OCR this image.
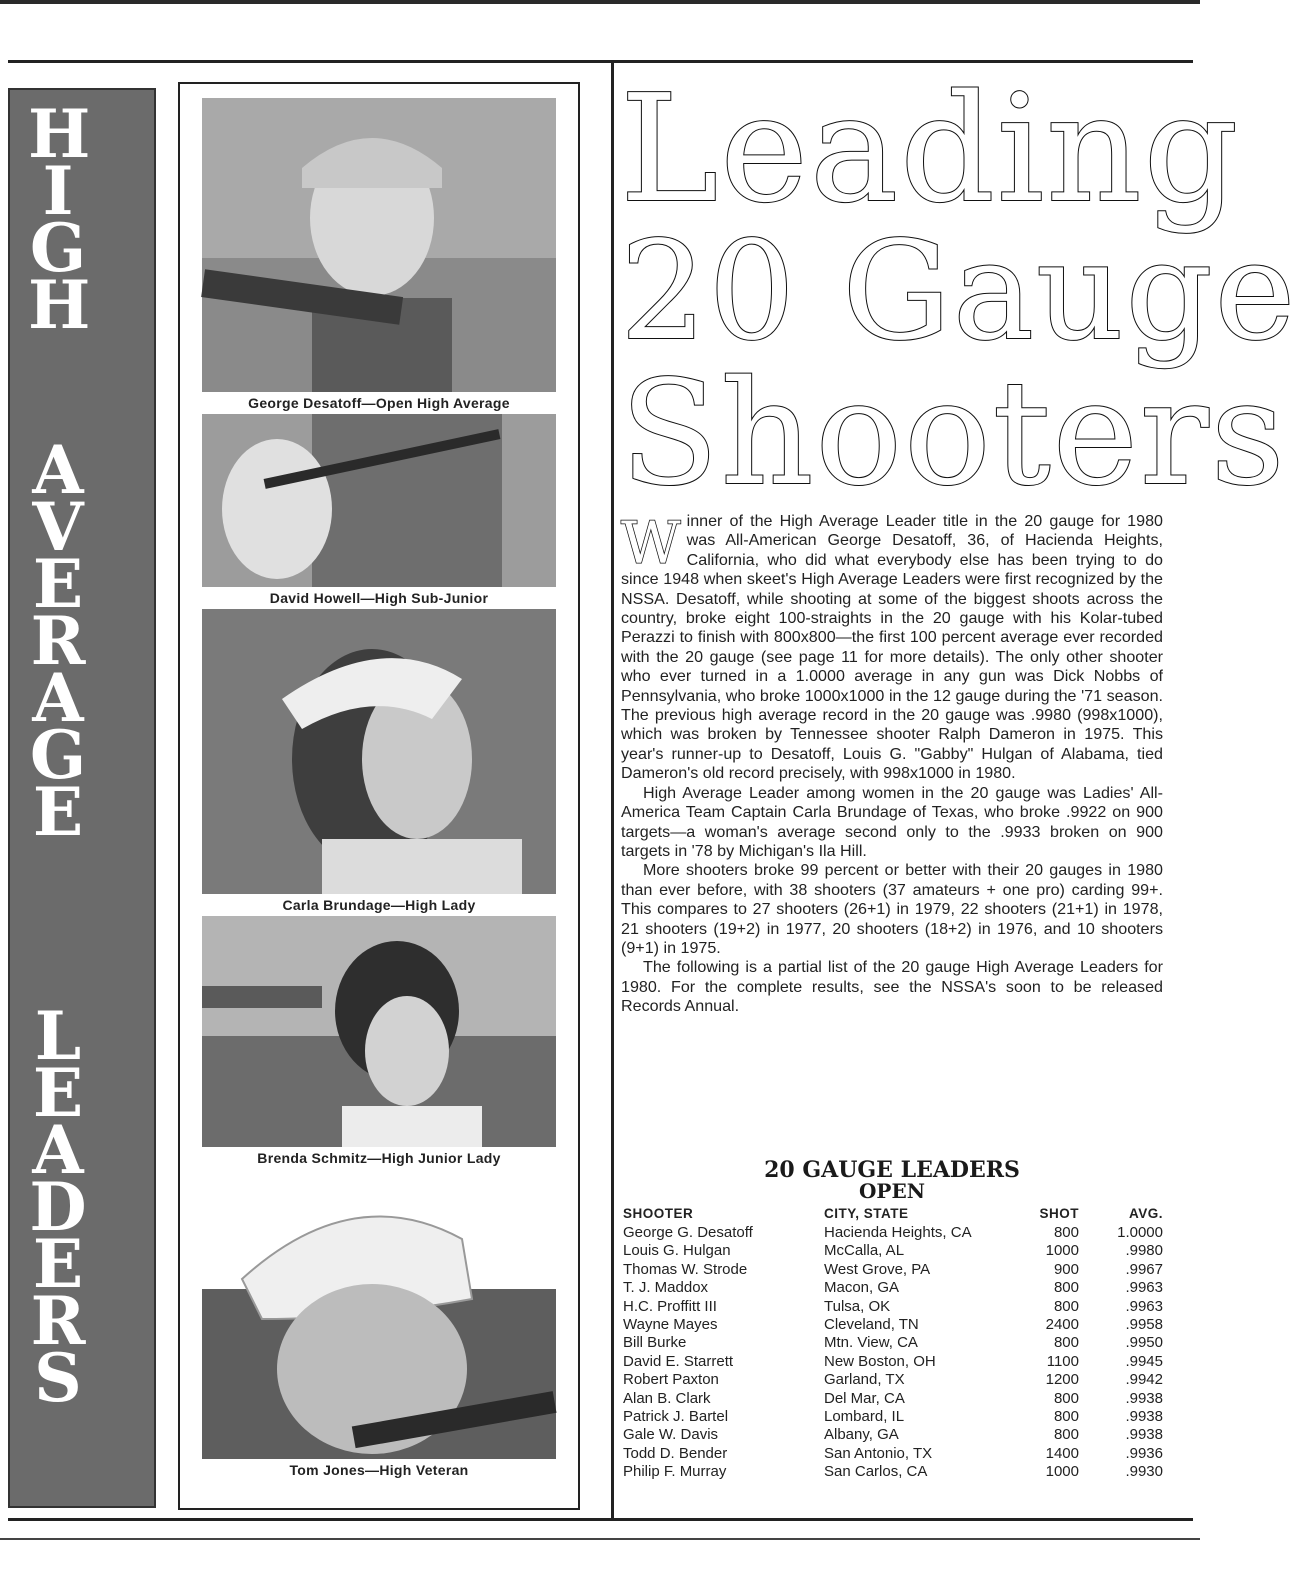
H
I
G
H
A
V
E
R
A
G
E
L
E
A
D
E
R
S
George Desatoff—Open High Average
David Howell—High Sub-Junior
Carla Brundage—High Lady
Brenda Schmitz—High Junior Lady
Tom Jones—High Veteran
Leading
20 Gauge
Shooters

Winner of the High Average Leader title in the 20 gauge for 1980 was All-American George Desatoff, 36, of Hacienda Heights, California, who did what everybody else has been trying to do since 1948 when skeet's High Average Leaders were first recognized by the NSSA. Desatoff, while shooting at some of the biggest shoots across the country, broke eight 100-straights in the 20 gauge with his Kolar-tubed Perazzi to finish with 800x800—the first 100 percent average ever recorded with the 20 gauge (see page 11 for more details). The only other shooter who ever turned in a 1.0000 average in any gun was Dick Nobbs of Pennsylvania, who broke 1000x1000 in the 12 gauge during the '71 season. The previous high average record in the 20 gauge was .9980 (998x1000), which was broken by Tennessee shooter Ralph Dameron in 1975. This year's runner-up to Desatoff, Louis G. "Gabby" Hulgan of Alabama, tied Dameron's old record precisely, with 998x1000 in 1980.

High Average Leader among women in the 20 gauge was Ladies' All-America Team Captain Carla Brundage of Texas, who broke .9922 on 900 targets—a woman's average second only to the .9933 broken on 900 targets in '78 by Michigan's Ila Hill.

More shooters broke 99 percent or better with their 20 gauges in 1980 than ever before, with 38 shooters (37 amateurs + one pro) carding 99+. This compares to 27 shooters (26+1) in 1979, 22 shooters (21+1) in 1978, 21 shooters (19+2) in 1977, 20 shooters (18+2) in 1976, and 10 shooters (9+1) in 1975.

The following is a partial list of the 20 gauge High Average Leaders for 1980. For the complete results, see the NSSA's soon to be released Records Annual.

20 GAUGE LEADERS
OPEN
SHOOTER	CITY, STATE	SHOT	AVG.
George G. Desatoff	Hacienda Heights, CA	800	1.0000
Louis G. Hulgan	McCalla, AL	1000	.9980
Thomas W. Strode	West Grove, PA	900	.9967
T. J. Maddox	Macon, GA	800	.9963
H.C. Proffitt III	Tulsa, OK	800	.9963
Wayne Mayes	Cleveland, TN	2400	.9958
Bill Burke	Mtn. View, CA	800	.9950
David E. Starrett	New Boston, OH	1100	.9945
Robert Paxton	Garland, TX	1200	.9942
Alan B. Clark	Del Mar, CA	800	.9938
Patrick J. Bartel	Lombard, IL	800	.9938
Gale W. Davis	Albany, GA	800	.9938
Todd D. Bender	San Antonio, TX	1400	.9936
Philip F. Murray	San Carlos, CA	1000	.9930
